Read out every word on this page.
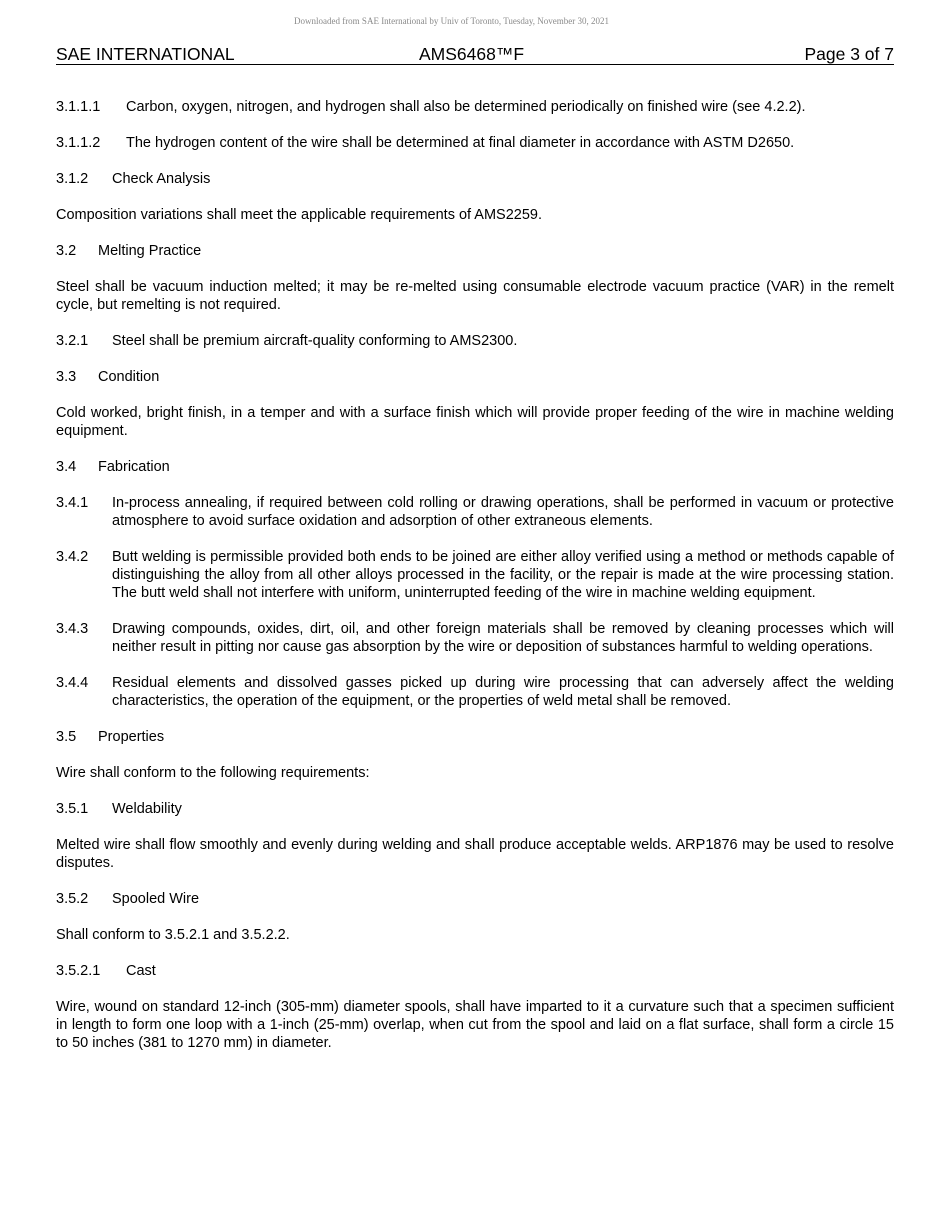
Downloaded from SAE International by Univ of Toronto, Tuesday, November 30, 2021
SAE INTERNATIONAL	AMS6468™F	Page 3 of 7
3.1.1.1 Carbon, oxygen, nitrogen, and hydrogen shall also be determined periodically on finished wire (see 4.2.2).
3.1.1.2 The hydrogen content of the wire shall be determined at final diameter in accordance with ASTM D2650.
3.1.2 Check Analysis

Composition variations shall meet the applicable requirements of AMS2259.

3.2 Melting Practice

Steel shall be vacuum induction melted; it may be re-melted using consumable electrode vacuum practice (VAR) in the remelt cycle, but remelting is not required.

3.2.1 Steel shall be premium aircraft-quality conforming to AMS2300.
3.3 Condition

Cold worked, bright finish, in a temper and with a surface finish which will provide proper feeding of the wire in machine welding equipment.

3.4 Fabrication
3.4.1	In-process annealing, if required between cold rolling or drawing operations, shall be performed in vacuum or protective atmosphere to avoid surface oxidation and adsorption of other extraneous elements.
3.4.2	Butt welding is permissible provided both ends to be joined are either alloy verified using a method or methods capable of distinguishing the alloy from all other alloys processed in the facility, or the repair is made at the wire processing station. The butt weld shall not interfere with uniform, uninterrupted feeding of the wire in machine welding equipment.
3.4.3	Drawing compounds, oxides, dirt, oil, and other foreign materials shall be removed by cleaning processes which will neither result in pitting nor cause gas absorption by the wire or deposition of substances harmful to welding operations.
3.4.4	Residual elements and dissolved gasses picked up during wire processing that can adversely affect the welding characteristics, the operation of the equipment, or the properties of weld metal shall be removed.
3.5 Properties

Wire shall conform to the following requirements:

3.5.1 Weldability

Melted wire shall flow smoothly and evenly during welding and shall produce acceptable welds. ARP1876 may be used to resolve disputes.

3.5.2 Spooled Wire

Shall conform to 3.5.2.1 and 3.5.2.2.

3.5.2.1 Cast

Wire, wound on standard 12-inch (305-mm) diameter spools, shall have imparted to it a curvature such that a specimen sufficient in length to form one loop with a 1-inch (25-mm) overlap, when cut from the spool and laid on a flat surface, shall form a circle 15 to 50 inches (381 to 1270 mm) in diameter.
